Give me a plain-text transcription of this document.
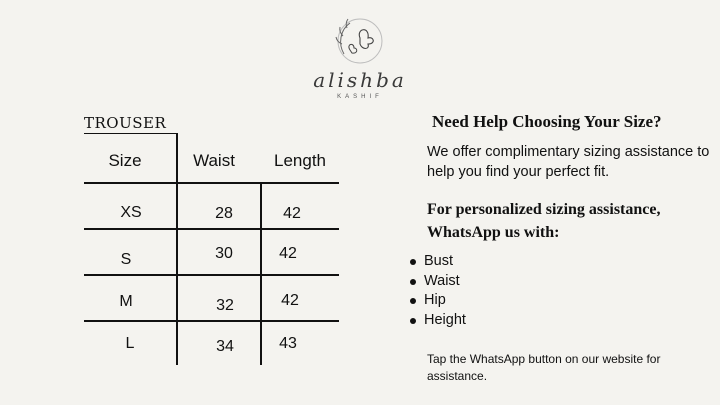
alishba
KASHIF
TROUSER
Size	Waist	Length
XS	28	42
S	30	42
M	32	42
L	34	43
Need Help Choosing Your Size?
We offer complimentary sizing assistance to help you find your perfect fit.
For personalized sizing assistance, WhatsApp us with:
Bust
Waist
Hip
Height
Tap the WhatsApp button on our website for assistance.
